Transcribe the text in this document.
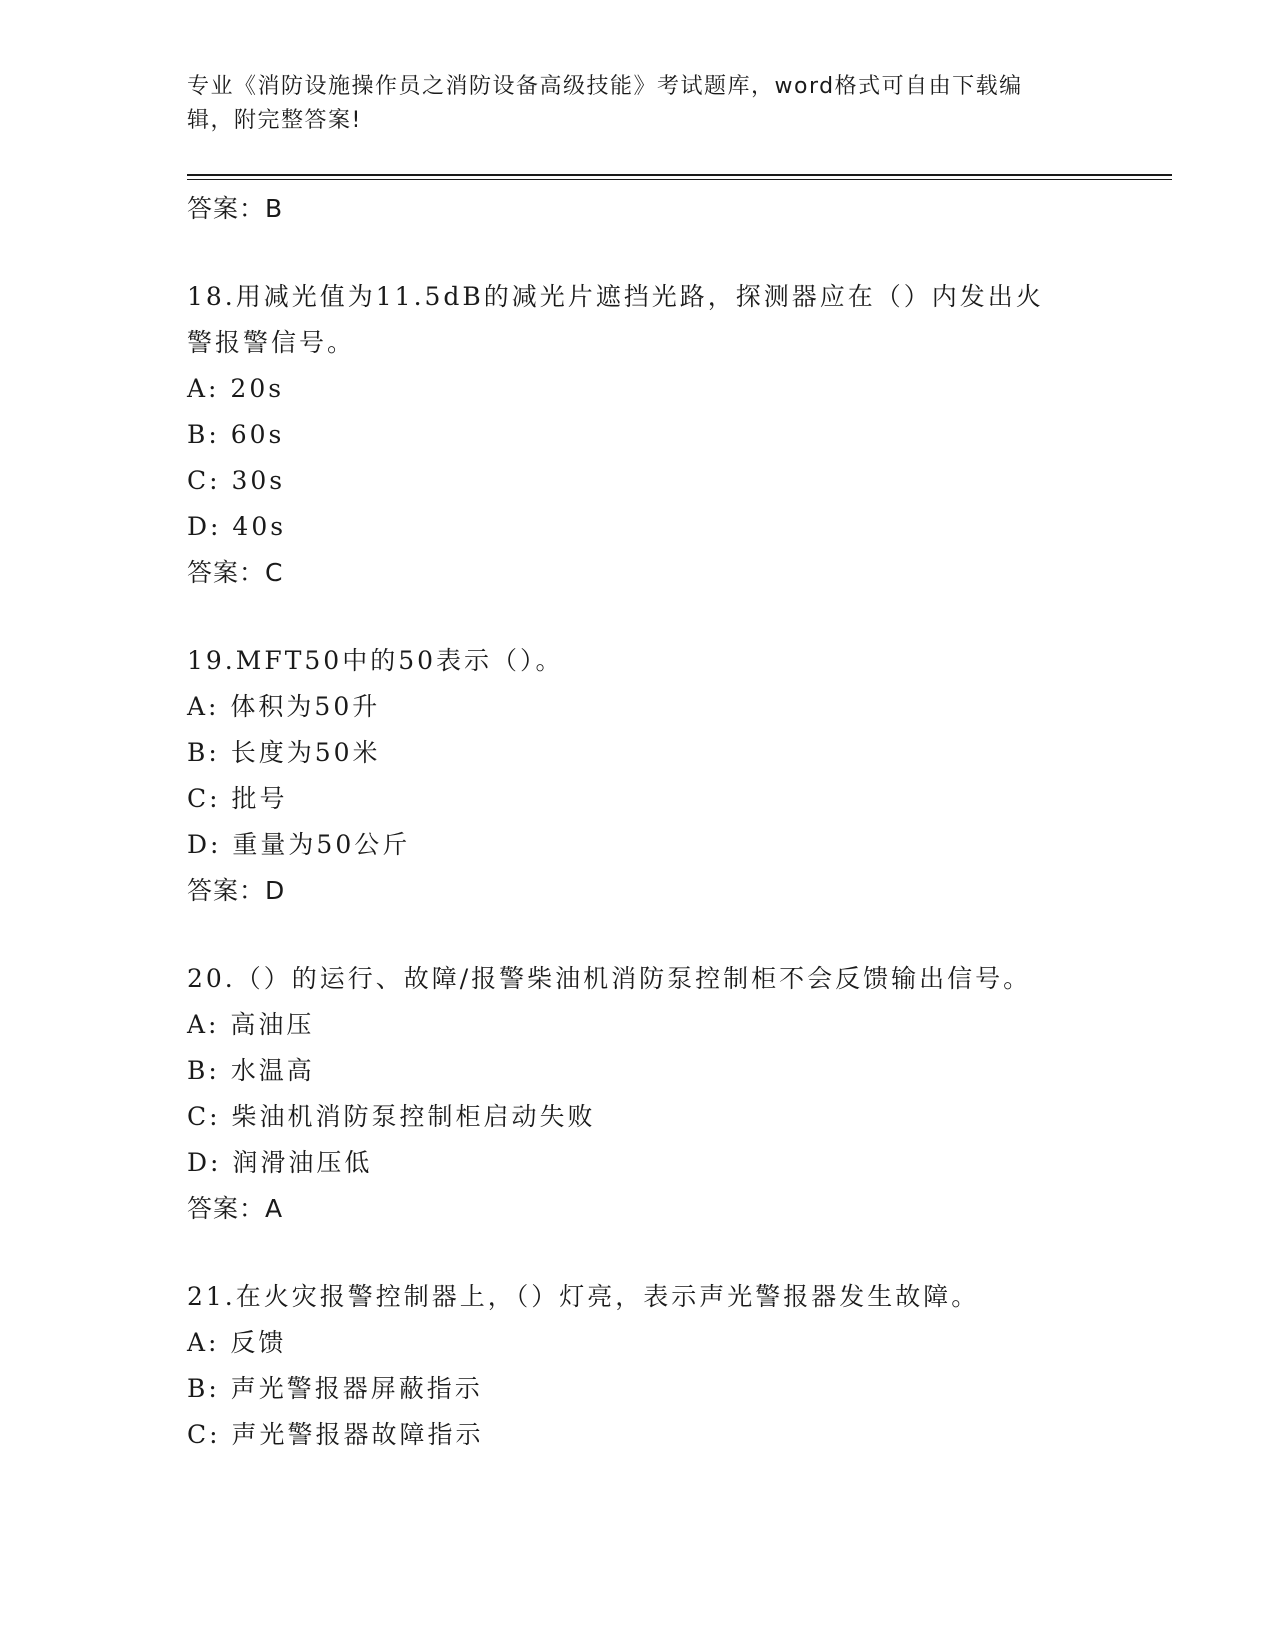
专业《消防设施操作员之消防设备高级技能》考试题库，word格式可自由下载编辑，附完整答案!
答案：B
18.用减光值为11.5dB的减光片遮挡光路，探测器应在（）内发出火警报警信号。
A: 20s
B: 60s
C: 30s
D: 40s
答案：C
19.MFT50中的50表示（）。
A: 体积为50升
B: 长度为50米
C: 批号
D: 重量为50公斤
答案：D
20.（）的运行、故障/报警柴油机消防泵控制柜不会反馈输出信号。
A: 高油压
B: 水温高
C: 柴油机消防泵控制柜启动失败
D: 润滑油压低
答案：A
21.在火灾报警控制器上，（）灯亮，表示声光警报器发生故障。
A: 反馈
B: 声光警报器屏蔽指示
C: 声光警报器故障指示
